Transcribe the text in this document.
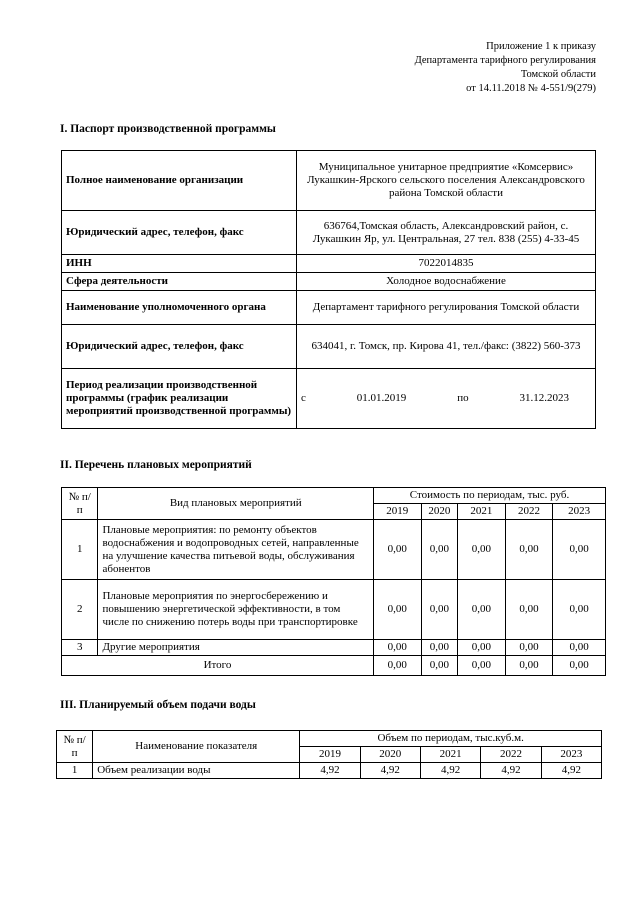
Приложение 1 к приказу
Департамента тарифного регулирования
Томской области
от 14.11.2018 № 4-551/9(279)
I. Паспорт производственной программы
Полное наименование организации	Муниципальное унитарное предприятие «Комсервис» Лукашкин-Ярского сельского поселения Александровского района Томской области
Юридический адрес, телефон, факс	636764,Томская область, Александровский район, с. Лукашкин Яр, ул. Центральная, 27 тел. 838 (255) 4-33-45
ИНН	7022014835
Сфера деятельности	Холодное водоснабжение
Наименование уполномоченного органа	Департамент тарифного регулирования Томской области
Юридический адрес, телефон, факс	634041, г. Томск, пр. Кирова 41, тел./факс: (3822) 560-373
Период реализации производственной программы (график реализации мероприятий производственной программы)	с 01.01.2019 по 31.12.2023
II. Перечень плановых мероприятий
№ п/п	Вид плановых мероприятий	Стоимость по периодам, тыс. руб.				
		2019	2020	2021	2022	2023
1	Плановые мероприятия: по ремонту объектов водоснабжения и водопроводных сетей, направленные на улучшение качества питьевой воды, обслуживания абонентов	0,00	0,00	0,00	0,00	0,00
2	Плановые мероприятия по энергосбережению и повышению энергетической эффективности, в том числе по снижению потерь воды при транспортировке	0,00	0,00	0,00	0,00	0,00
3	Другие мероприятия	0,00	0,00	0,00	0,00	0,00
Итого		0,00	0,00	0,00	0,00	0,00
III. Планируемый объем подачи воды
№ п/п	Наименование показателя	Объем по периодам, тыс.куб.м.				
		2019	2020	2021	2022	2023
1	Объем реализации воды	4,92	4,92	4,92	4,92	4,92
